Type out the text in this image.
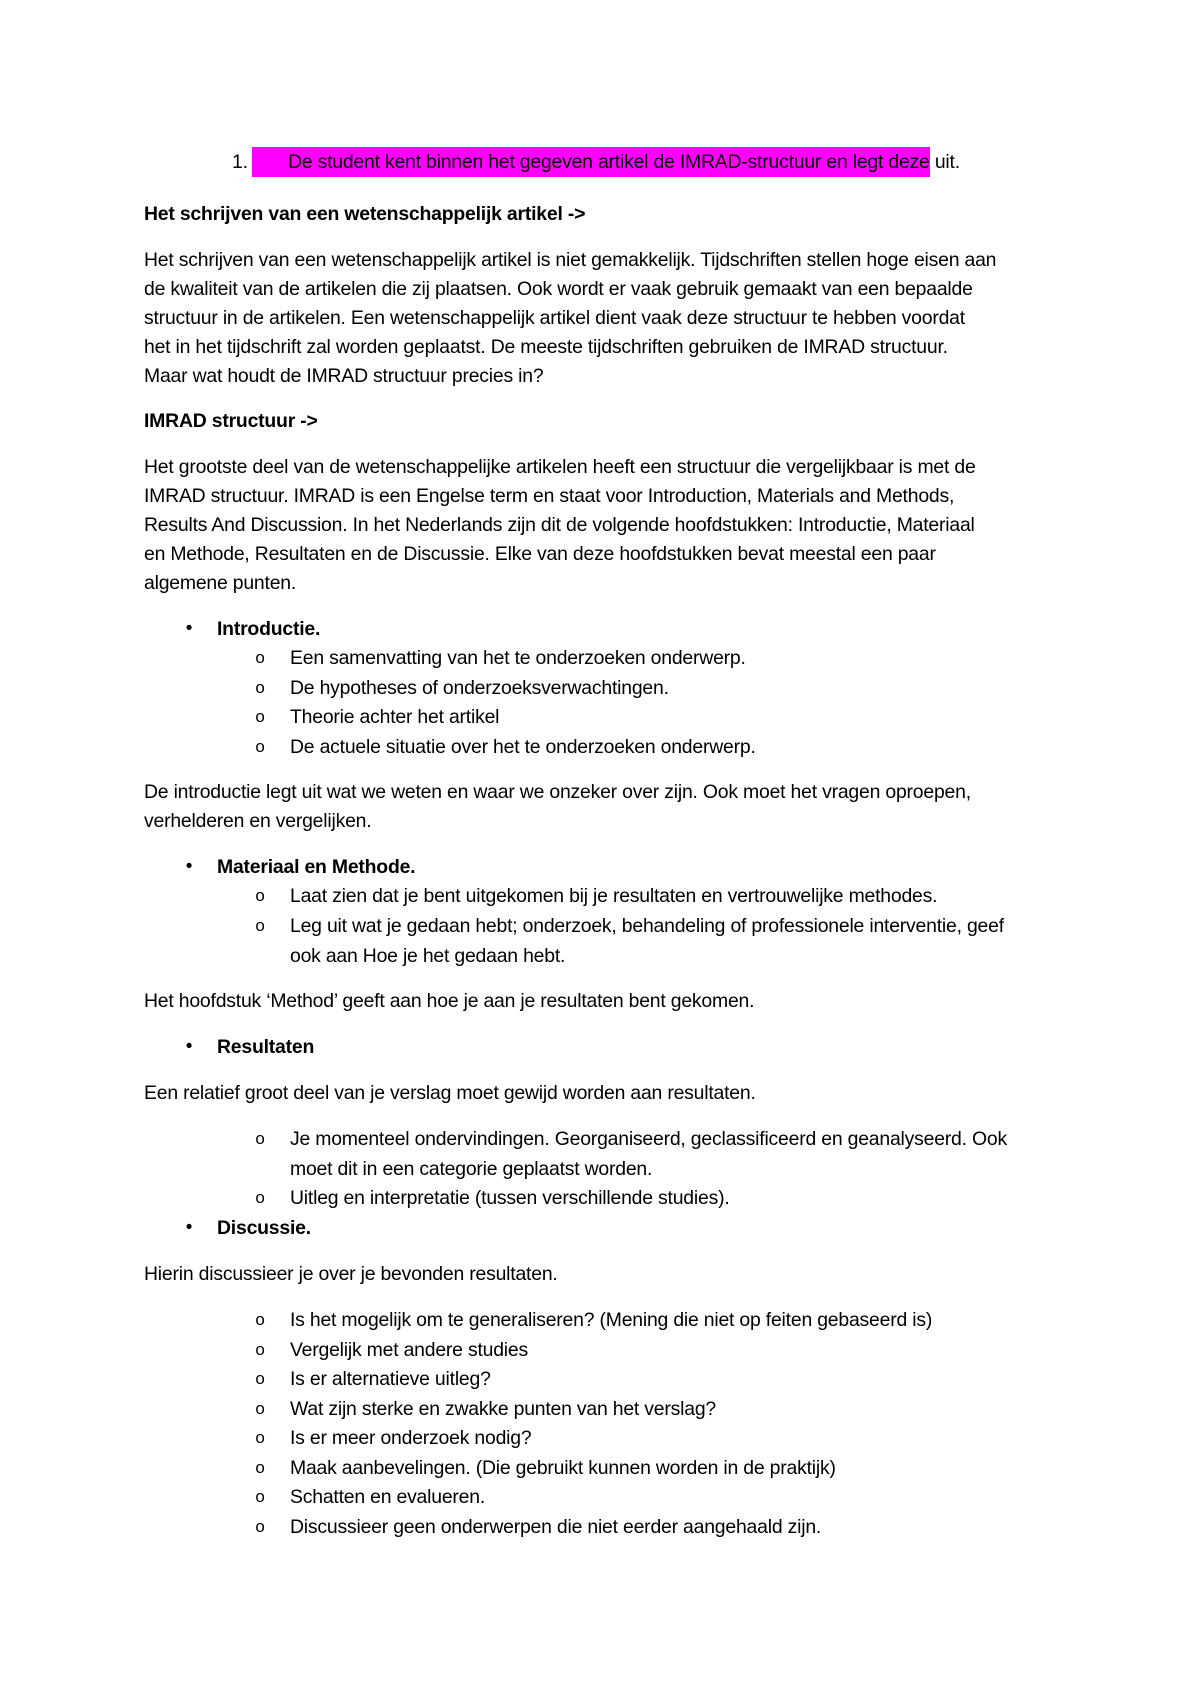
1.	De student kent binnen het gegeven artikel de IMRAD-structuur en legt deze uit.
Het schrijven van een wetenschappelijk artikel ->
Het schrijven van een wetenschappelijk artikel is niet gemakkelijk. Tijdschriften stellen hoge eisen aan
de kwaliteit van de artikelen die zij plaatsen. Ook wordt er vaak gebruik gemaakt van een bepaalde
structuur in de artikelen. Een wetenschappelijk artikel dient vaak deze structuur te hebben voordat
het in het tijdschrift zal worden geplaatst. De meeste tijdschriften gebruiken de IMRAD structuur.
Maar wat houdt de IMRAD structuur precies in?
IMRAD structuur ->
Het grootste deel van de wetenschappelijke artikelen heeft een structuur die vergelijkbaar is met de
IMRAD structuur. IMRAD is een Engelse term en staat voor Introduction, Materials and Methods,
Results And Discussion. In het Nederlands zijn dit de volgende hoofdstukken: Introductie, Materiaal
en Methode, Resultaten en de Discussie. Elke van deze hoofdstukken bevat meestal een paar
algemene punten.
• Introductie.
o Een samenvatting van het te onderzoeken onderwerp.
o De hypotheses of onderzoeksverwachtingen.
o Theorie achter het artikel
o De actuele situatie over het te onderzoeken onderwerp.
De introductie legt uit wat we weten en waar we onzeker over zijn. Ook moet het vragen oproepen,
verhelderen en vergelijken.
• Materiaal en Methode.
o Laat zien dat je bent uitgekomen bij je resultaten en vertrouwelijke methodes.
o Leg uit wat je gedaan hebt; onderzoek, behandeling of professionele interventie, geef
ook aan Hoe je het gedaan hebt.
Het hoofdstuk ‘Method’ geeft aan hoe je aan je resultaten bent gekomen.
• Resultaten
Een relatief groot deel van je verslag moet gewijd worden aan resultaten.
o Je momenteel ondervindingen. Georganiseerd, geclassificeerd en geanalyseerd. Ook
moet dit in een categorie geplaatst worden.
o Uitleg en interpretatie (tussen verschillende studies).
• Discussie.
Hierin discussieer je over je bevonden resultaten.
o Is het mogelijk om te generaliseren? (Mening die niet op feiten gebaseerd is)
o Vergelijk met andere studies
o Is er alternatieve uitleg?
o Wat zijn sterke en zwakke punten van het verslag?
o Is er meer onderzoek nodig?
o Maak aanbevelingen. (Die gebruikt kunnen worden in de praktijk)
o Schatten en evalueren.
o Discussieer geen onderwerpen die niet eerder aangehaald zijn.
